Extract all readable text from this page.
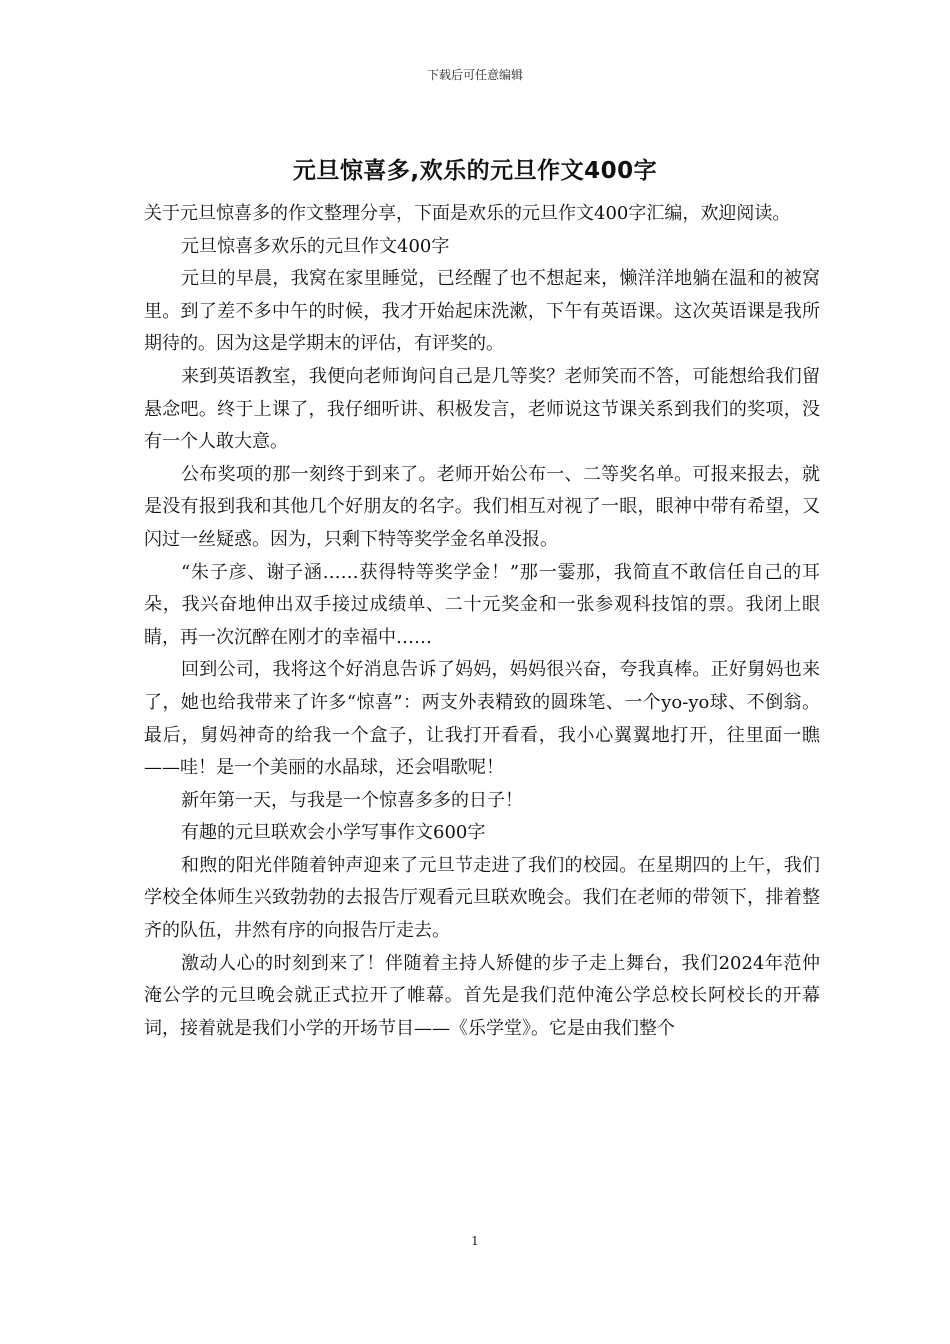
下载后可任意编辑
元旦惊喜多,欢乐的元旦作文400字

关于元旦惊喜多的作文整理分享，下面是欢乐的元旦作文400字汇编，欢迎阅读。

元旦惊喜多欢乐的元旦作文400字

元旦的早晨，我窝在家里睡觉，已经醒了也不想起来，懒洋洋地躺在温和的被窝里。到了差不多中午的时候，我才开始起床洗漱，下午有英语课。这次英语课是我所期待的。因为这是学期末的评估，有评奖的。

来到英语教室，我便向老师询问自己是几等奖？老师笑而不答，可能想给我们留悬念吧。终于上课了，我仔细听讲、积极发言，老师说这节课关系到我们的奖项，没有一个人敢大意。

公布奖项的那一刻终于到来了。老师开始公布一、二等奖名单。可报来报去，就是没有报到我和其他几个好朋友的名字。我们相互对视了一眼，眼神中带有希望，又闪过一丝疑惑。因为，只剩下特等奖学金名单没报。

“朱子彦、谢子涵……获得特等奖学金！”那一霎那，我简直不敢信任自己的耳朵，我兴奋地伸出双手接过成绩单、二十元奖金和一张参观科技馆的票。我闭上眼睛，再一次沉醉在刚才的幸福中……

回到公司，我将这个好消息告诉了妈妈，妈妈很兴奋，夸我真棒。正好舅妈也来了，她也给我带来了许多“惊喜”：两支外表精致的圆珠笔、一个yo-yo球、不倒翁。最后，舅妈神奇的给我一个盒子，让我打开看看，我小心翼翼地打开，往里面一瞧——哇！是一个美丽的水晶球，还会唱歌呢！

新年第一天，与我是一个惊喜多多的日子！

有趣的元旦联欢会小学写事作文600字

和煦的阳光伴随着钟声迎来了元旦节走进了我们的校园。在星期四的上午，我们学校全体师生兴致勃勃的去报告厅观看元旦联欢晚会。我们在老师的带领下，排着整齐的队伍，井然有序的向报告厅走去。

激动人心的时刻到来了！伴随着主持人矫健的步子走上舞台，我们2024年范仲淹公学的元旦晚会就正式拉开了帷幕。首先是我们范仲淹公学总校长阿校长的开幕词，接着就是我们小学的开场节目——《乐学堂》。它是由我们整个

1
